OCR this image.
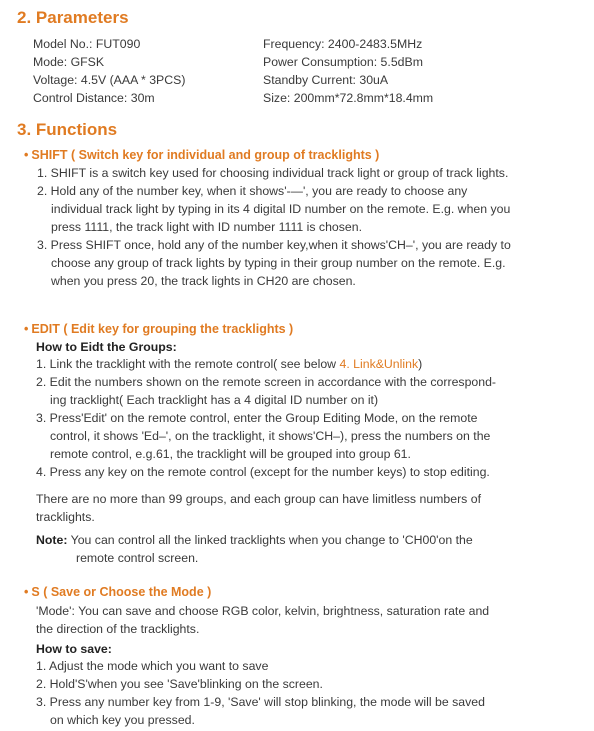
2. Parameters
Model No.: FUT090
Mode: GFSK
Voltage: 4.5V (AAA * 3PCS)
Control Distance: 30m
Frequency: 2400-2483.5MHz
Power Consumption: 5.5dBm
Standby Current: 30uA
Size: 200mm*72.8mm*18.4mm
3. Functions
• SHIFT ( Switch key for individual and group of tracklights )
1. SHIFT is a switch key used for choosing individual track light or group of track lights.
2. Hold any of the number key, when it shows'-—', you are ready to choose any
individual track light by typing in its 4 digital ID number on the remote. E.g. when you
press 1111, the track light with ID number 1111 is chosen.
3. Press SHIFT once, hold any of the number key,when it shows'CH–', you are ready to
choose any group of track lights by typing in their group number on the remote. E.g.
when you press 20, the track lights in CH20 are chosen.
• EDIT ( Edit key for grouping the tracklights )
How to Eidt the Groups:
1. Link the tracklight with the remote control( see below 4. Link&Unlink)
2. Edit the numbers shown on the remote screen in accordance with the correspond-
ing tracklight( Each tracklight has a 4 digital ID number on it)
3. Press'Edit' on the remote control, enter the Group Editing Mode, on the remote
control, it shows 'Ed–', on the tracklight, it shows'CH–), press the numbers on the
remote control, e.g.61, the tracklight will be grouped into group 61.
4. Press any key on the remote control (except for the number keys) to stop editing.
There are no more than 99 groups, and each group can have limitless numbers of
tracklights.
Note: You can control all the linked tracklights when you change to 'CH00'on the
remote control screen.
• S ( Save or Choose the Mode )
'Mode': You can save and choose RGB color, kelvin, brightness, saturation rate and
the direction of the tracklights.
How to save:
1. Adjust the mode which you want to save
2. Hold'S'when you see 'Save'blinking on the screen.
3. Press any number key from 1-9, 'Save' will stop blinking, the mode will be saved
on which key you pressed.
